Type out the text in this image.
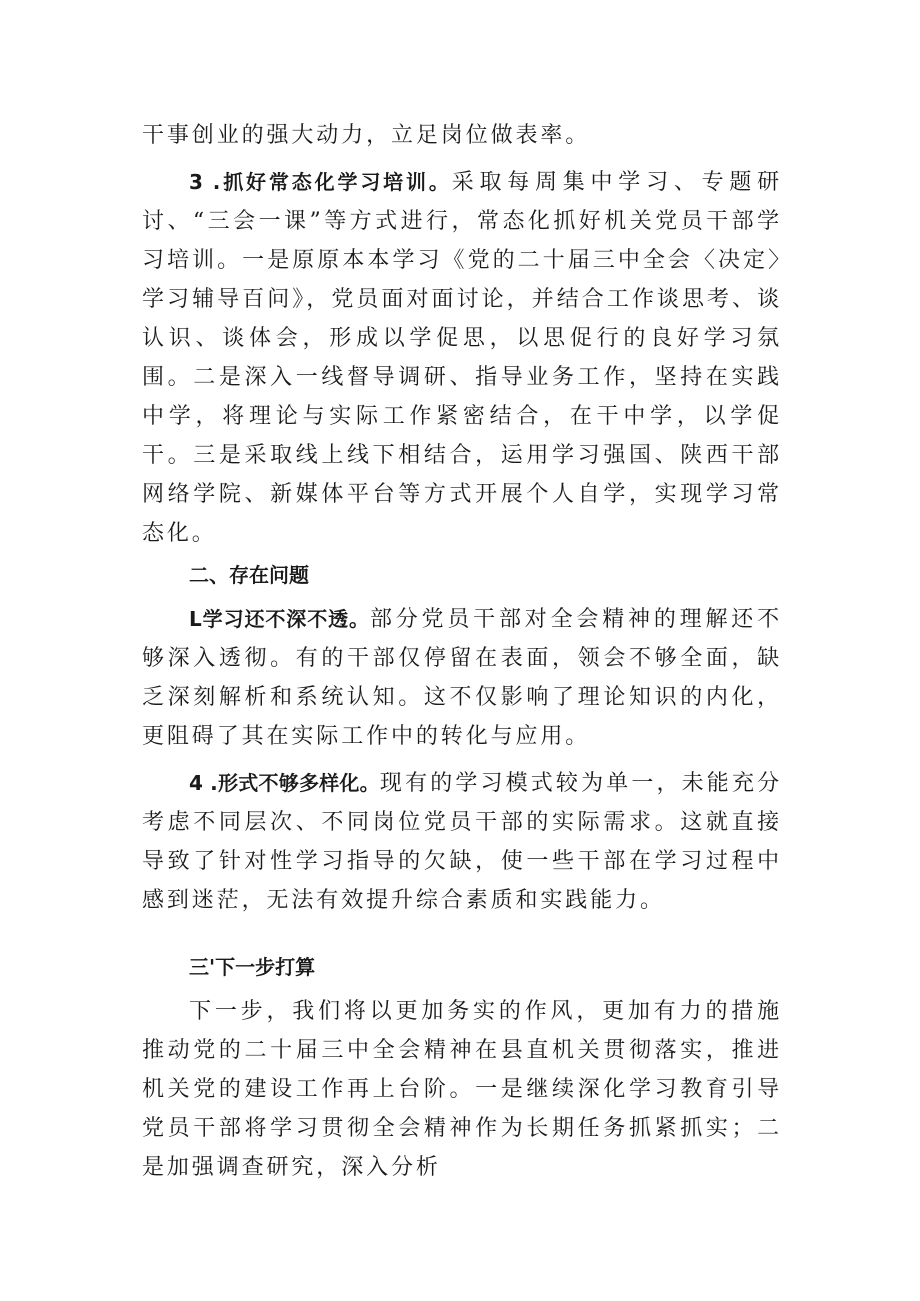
干事创业的强大动力，立足岗位做表率。

3 .抓好常态化学习培训。采取每周集中学习、专题研讨、“三会一课”等方式进行，常态化抓好机关党员干部学习培训。一是原原本本学习《党的二十届三中全会〈决定〉学习辅导百问》，党员面对面讨论，并结合工作谈思考、谈认识、谈体会，形成以学促思，以思促行的良好学习氛围。二是深入一线督导调研、指导业务工作，坚持在实践中学，将理论与实际工作紧密结合，在干中学，以学促干。三是采取线上线下相结合，运用学习强国、陕西干部网络学院、新媒体平台等方式开展个人自学，实现学习常态化。

二、存在问题

L学习还不深不透。部分党员干部对全会精神的理解还不够深入透彻。有的干部仅停留在表面，领会不够全面，缺乏深刻解析和系统认知。这不仅影响了理论知识的内化，更阻碍了其在实际工作中的转化与应用。

4 .形式不够多样化。现有的学习模式较为单一，未能充分考虑不同层次、不同岗位党员干部的实际需求。这就直接导致了针对性学习指导的欠缺，使一些干部在学习过程中感到迷茫，无法有效提升综合素质和实践能力。

三'下一步打算

下一步，我们将以更加务实的作风，更加有力的措施推动党的二十届三中全会精神在县直机关贯彻落实，推进机关党的建设工作再上台阶。一是继续深化学习教育引导党员干部将学习贯彻全会精神作为长期任务抓紧抓实；二是加强调查研究，深入分析
